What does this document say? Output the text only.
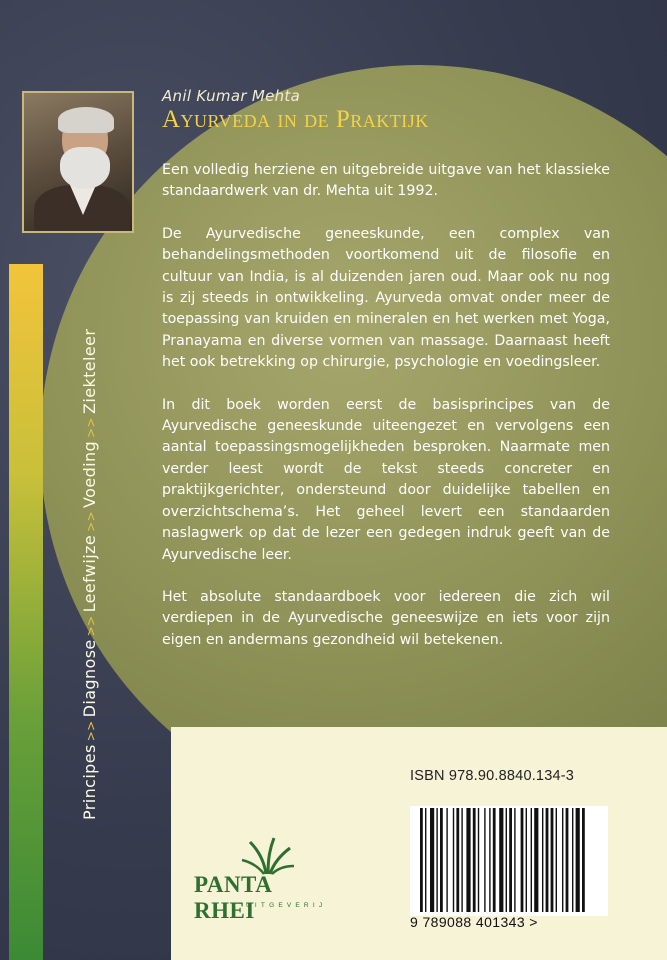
Anil Kumar Mehta
Ayurveda in de Praktijk

Een volledig herziene en uitgebreide uitgave van het klassieke standaardwerk van dr. Mehta uit 1992.

De Ayurvedische geneeskunde, een complex van behandelingsmethoden voortkomend uit de filosofie en cultuur van India, is al duizenden jaren oud. Maar ook nu nog is zij steeds in ontwikkeling. Ayurveda omvat onder meer de toepassing van kruiden en mineralen en het werken met Yoga, Pranayama en diverse vormen van massage. Daarnaast heeft het ook betrekking op chirurgie, psychologie en voedingsleer.

In dit boek worden eerst de basisprincipes van de Ayurvedische geneeskunde uiteengezet en vervolgens een aantal toepassingsmogelijkheden besproken. Naarmate men verder leest wordt de tekst steeds concreter en praktijkgerichter, ondersteund door duidelijke tabellen en overzichtschema’s. Het geheel levert een standaarden naslagwerk op dat de lezer een gedegen indruk geeft van de Ayurvedische leer.

Het absolute standaardboek voor iedereen die zich wil verdiepen in de Ayurvedische geneeswijze en iets voor zijn eigen en andermans gezondheid wil betekenen.

Principes>>Diagnose>>Leefwijze>>Voeding>>Ziekteleer
PANTA RHEI
UITGEVERIJ
ISBN 978.90.8840.134-3
9 789088 401343 >
